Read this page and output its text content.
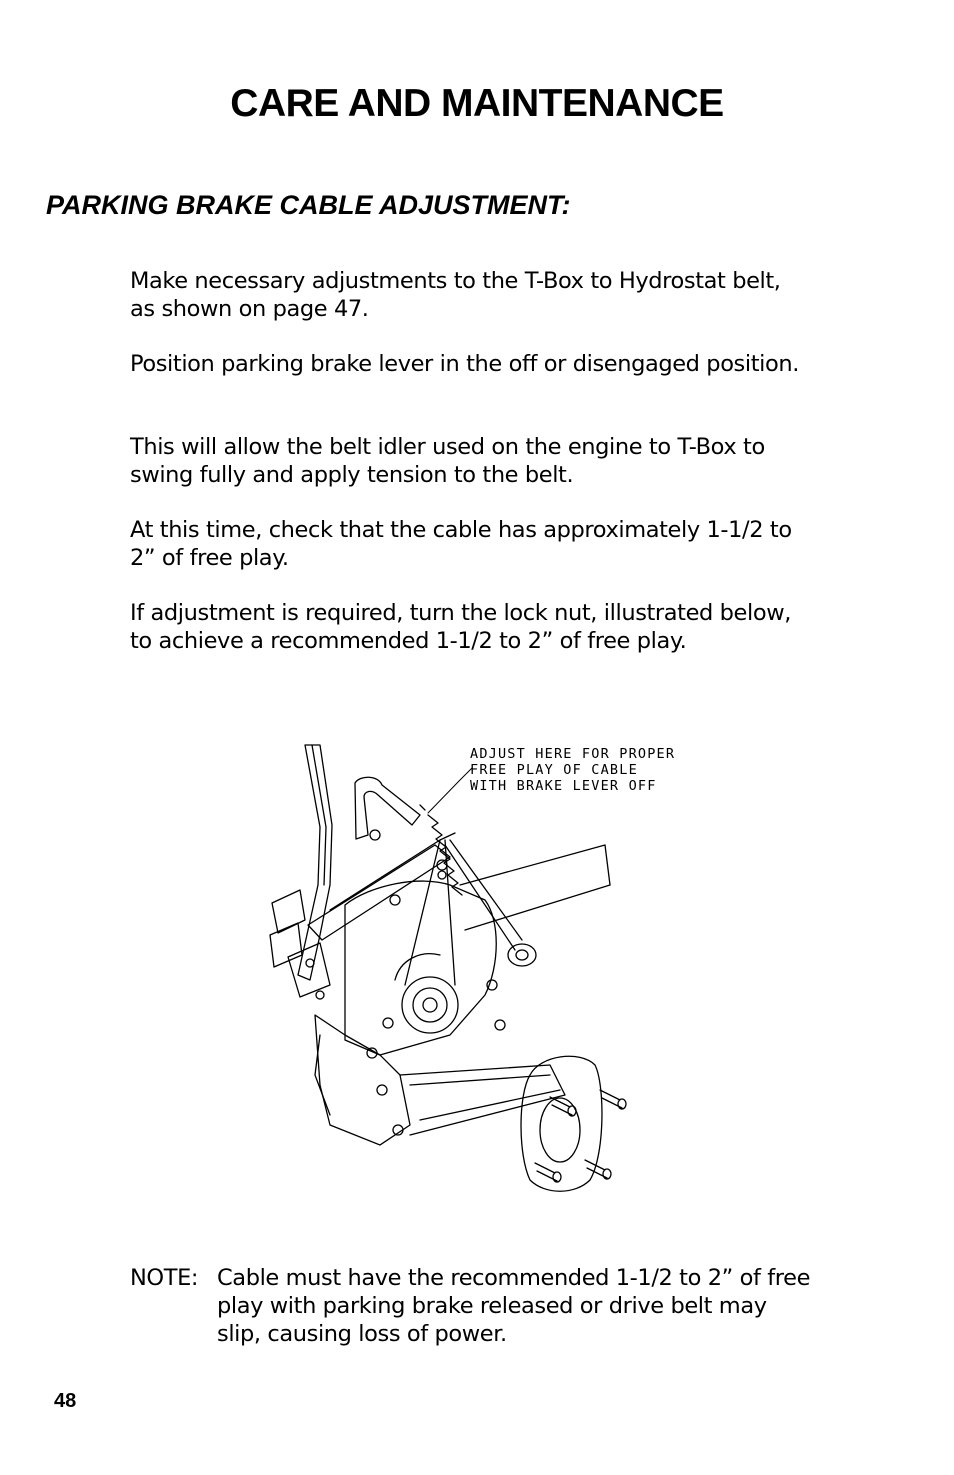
CARE AND MAINTENANCE
PARKING BRAKE CABLE ADJUSTMENT:
Make necessary adjustments to the T-Box to Hydrostat belt, as shown on page 47.
Position parking brake lever in the off or disengaged position.
This will allow the belt idler used on the engine to T-Box to swing fully and apply tension to the belt.
At this time, check that the cable has approximately 1-1/2 to 2” of free play.
If adjustment is required, turn the lock nut, illustrated below, to achieve a recommended 1-1/2 to 2” of free play.
ADJUST HERE FOR PROPER
FREE PLAY OF CABLE
WITH BRAKE LEVER OFF
NOTE: Cable must have the recommended 1-1/2 to 2” of free play with parking brake released or drive belt may slip, causing loss of power.
48
